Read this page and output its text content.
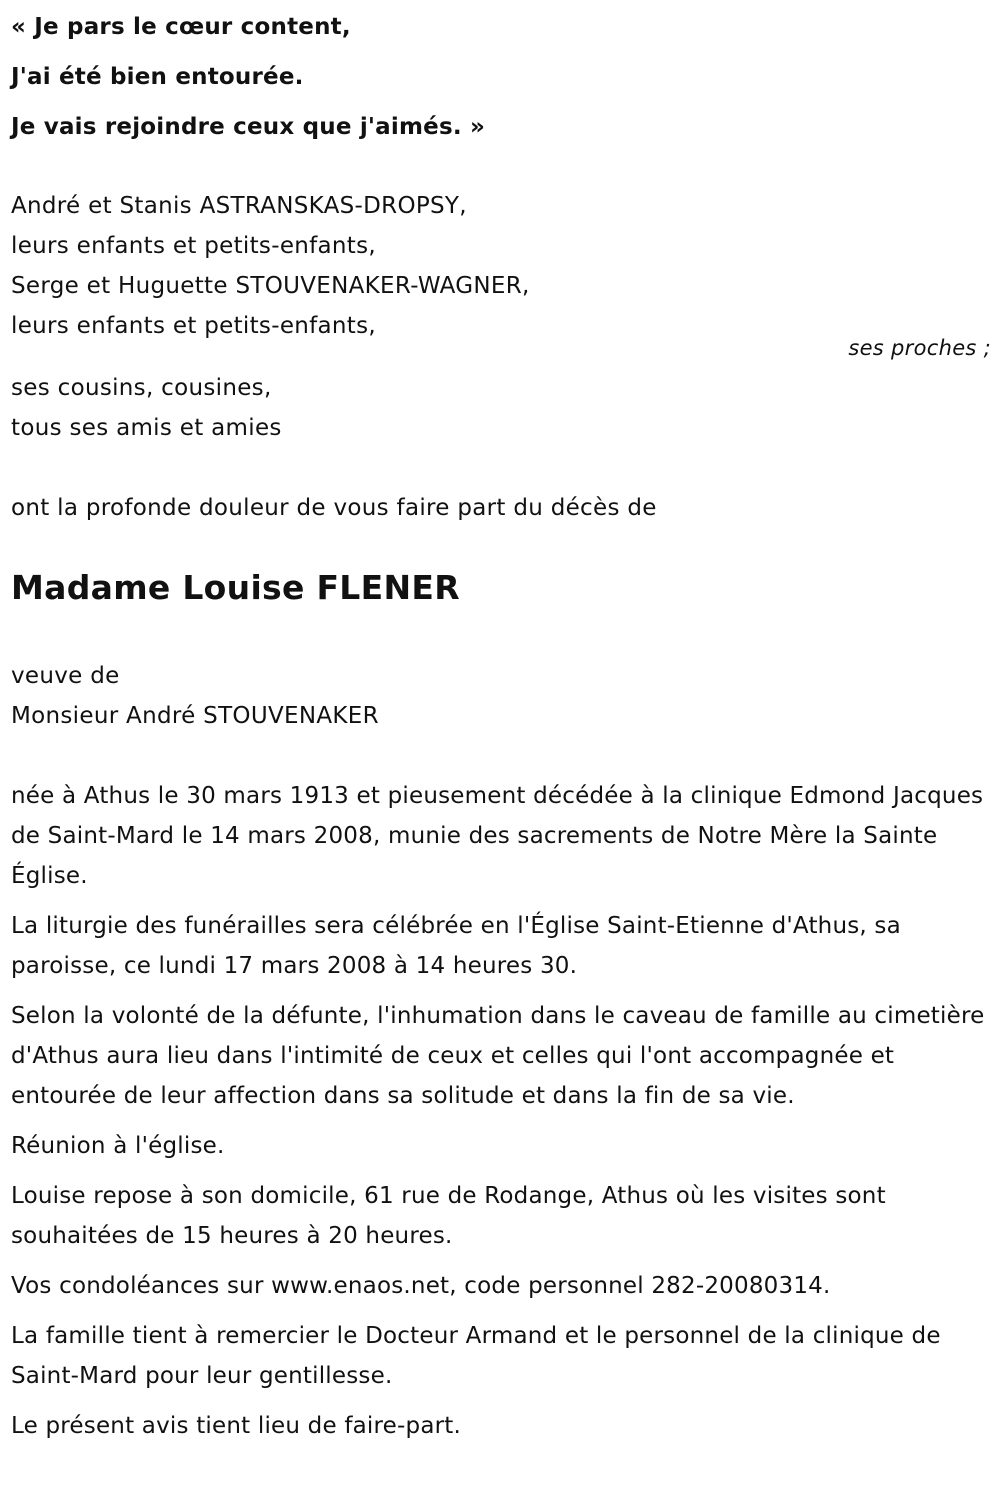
« Je pars le cœur content,

J'ai été bien entourée.

Je vais rejoindre ceux que j'aimés. »

André et Stanis ASTRANSKAS-DROPSY,
leurs enfants et petits-enfants,
Serge et Huguette STOUVENAKER-WAGNER,
leurs enfants et petits-enfants,
ses proches ;
ses cousins, cousines,
tous ses amis et amies
ont la profonde douleur de vous faire part du décès de
Madame Louise FLENER
veuve de
Monsieur André STOUVENAKER

née à Athus le 30 mars 1913 et pieusement décédée à la clinique Edmond Jacques de Saint-Mard le 14 mars 2008, munie des sacrements de Notre Mère la Sainte Église.

La liturgie des funérailles sera célébrée en l'Église Saint-Etienne d'Athus, sa paroisse, ce lundi 17 mars 2008 à 14 heures 30.

Selon la volonté de la défunte, l'inhumation dans le caveau de famille au cimetière d'Athus aura lieu dans l'intimité de ceux et celles qui l'ont accompagnée et entourée de leur affection dans sa solitude et dans la fin de sa vie.

Réunion à l'église.

Louise repose à son domicile, 61 rue de Rodange, Athus où les visites sont souhaitées de 15 heures à 20 heures.

Vos condoléances sur www.enaos.net, code personnel 282-20080314.

La famille tient à remercier le Docteur Armand et le personnel de la clinique de Saint-Mard pour leur gentillesse.

Le présent avis tient lieu de faire-part.
